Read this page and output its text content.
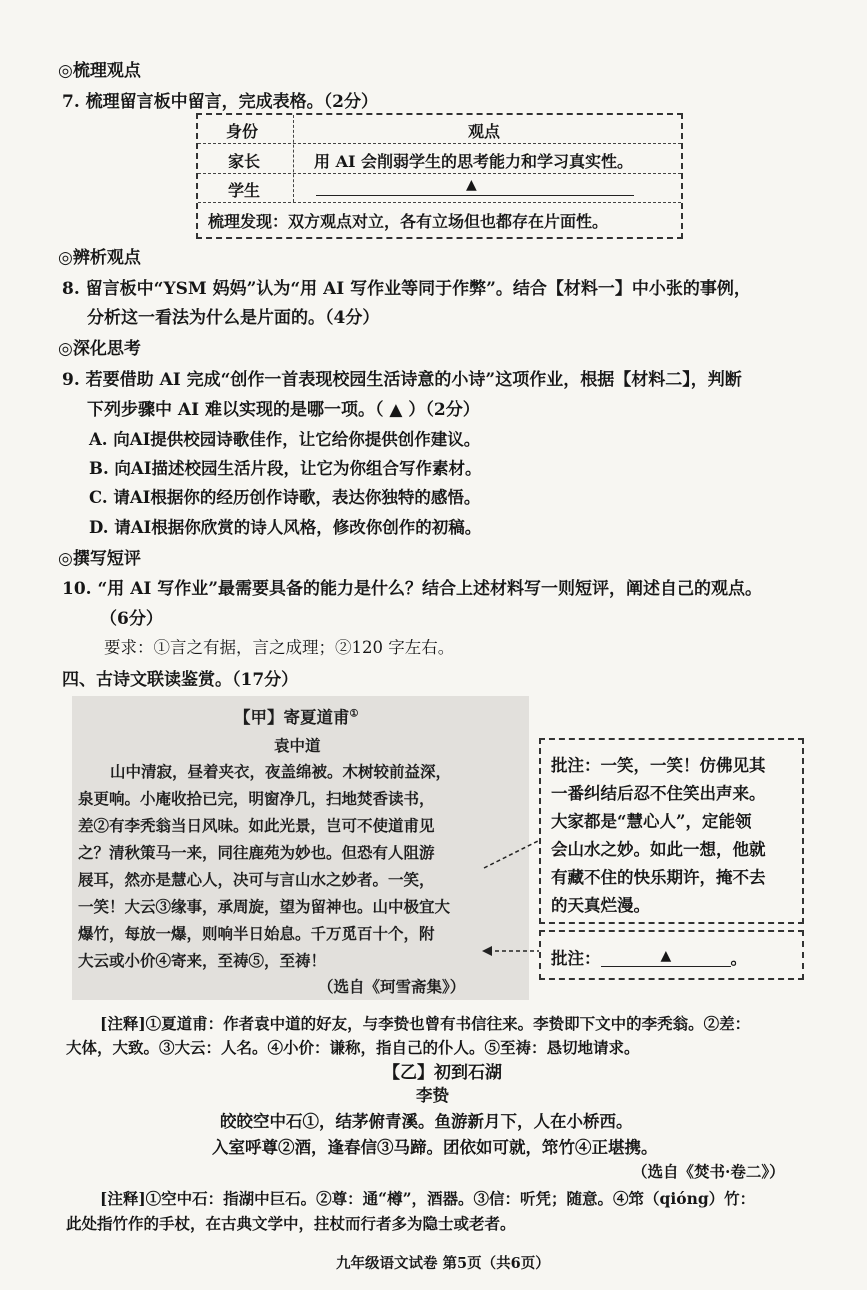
◎梳理观点
7. 梳理留言板中留言，完成表格。（2分）
身份	观点
家长	用 AI 会削弱学生的思考能力和学习真实性。
学生	▲
梳理发现：双方观点对立，各有立场但也都存在片面性。
◎辨析观点
8. 留言板中“YSM 妈妈”认为“用 AI 写作业等同于作弊”。结合【材料一】中小张的事例，
分析这一看法为什么是片面的。（4分）
◎深化思考
9. 若要借助 AI 完成“创作一首表现校园生活诗意的小诗”这项作业，根据【材料二】，判断
下列步骤中 AI 难以实现的是哪一项。（ ▲ ）（2分）
A. 向AI提供校园诗歌佳作，让它给你提供创作建议。
B. 向AI描述校园生活片段，让它为你组合写作素材。
C. 请AI根据你的经历创作诗歌，表达你独特的感悟。
D. 请AI根据你欣赏的诗人风格，修改你创作的初稿。
◎撰写短评
10. “用 AI 写作业”最需要具备的能力是什么？结合上述材料写一则短评，阐述自己的观点。
（6分）
要求：①言之有据，言之成理；②120 字左右。
四、古诗文联读鉴赏。（17分）
【甲】寄夏道甫①
袁中道
山中清寂，昼着夹衣，夜盖绵被。木树较前益深，
泉更响。小庵收拾已完，明窗净几，扫地焚香读书，
差②有李秃翁当日风味。如此光景，岂可不使道甫见
之？清秋策马一来，同往鹿苑为妙也。但恐有人阻游
屐耳，然亦是慧心人，决可与言山水之妙者。一笑，
一笑！大云③缘事，承周旋，望为留神也。山中极宜大
爆竹，每放一爆，则响半日始息。千万觅百十个，附
大云或小价④寄来，至祷⑤，至祷！
（选自《珂雪斋集》）
批注：一笑，一笑！仿佛见其
一番纠结后忍不住笑出声来。
大家都是“慧心人”，定能领
会山水之妙。如此一想，他就
有藏不住的快乐期许，掩不去
的天真烂漫。
批注：	▲	。
[注释]①夏道甫：作者袁中道的好友，与李贽也曾有书信往来。李贽即下文中的李秃翁。②差：
大体，大致。③大云：人名。④小价：谦称，指自己的仆人。⑤至祷：恳切地请求。
【乙】初到石湖
李贽
皎皎空中石①，结茅俯青溪。鱼游新月下，人在小桥西。
入室呼尊②酒，逢春信③马蹄。团依如可就，筇竹④正堪携。
（选自《焚书·卷二》）
[注释]①空中石：指湖中巨石。②尊：通“樽”，酒器。③信：听凭；随意。④筇（qióng）竹：
此处指竹作的手杖，在古典文学中，拄杖而行者多为隐士或老者。
九年级语文试卷 第5页（共6页）
